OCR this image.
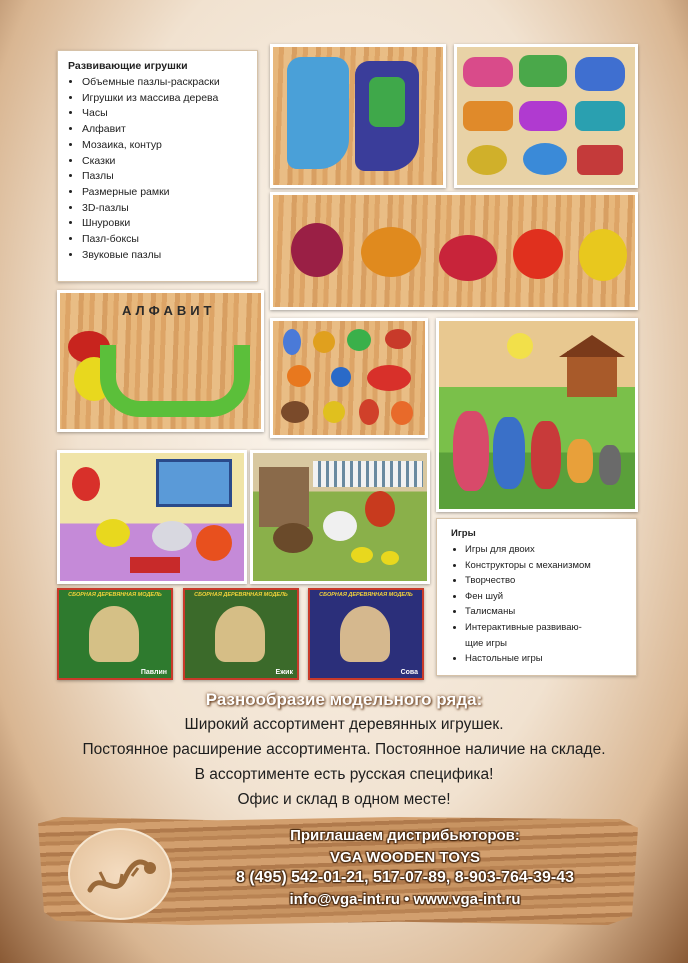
Развивающие игрушки
• Объемные пазлы-раскраски
• Игрушки из массива дерева
• Часы
• Алфавит
• Мозаика, контур
• Сказки
• Пазлы
• Размерные рамки
• 3D-пазлы
• Шнуровки
• Пазл-боксы
• Звуковые пазлы
АЛФАВИТ
Игры
• Игры для двоих
• Конструкторы с механизмом
• Творчество
• Фен шуй
• Талисманы
• Интерактивные развиваю-
щие игры
• Настольные игры
СБОРНАЯ ДЕРЕВЯННАЯ МОДЕЛЬ
Павлин
СБОРНАЯ ДЕРЕВЯННАЯ МОДЕЛЬ
Ежик
СБОРНАЯ ДЕРЕВЯННАЯ МОДЕЛЬ
Сова
Разнообразие модельного ряда:
Широкий ассортимент деревянных игрушек.
Постоянное расширение ассортимента. Постоянное наличие на складе.
В ассортименте есть русская специфика!
Офис и склад в одном месте!
Приглашаем дистрибьюторов:
VGA WOODEN TOYS
8 (495) 542-01-21, 517-07-89, 8-903-764-39-43
info@vga-int.ru • www.vga-int.ru
